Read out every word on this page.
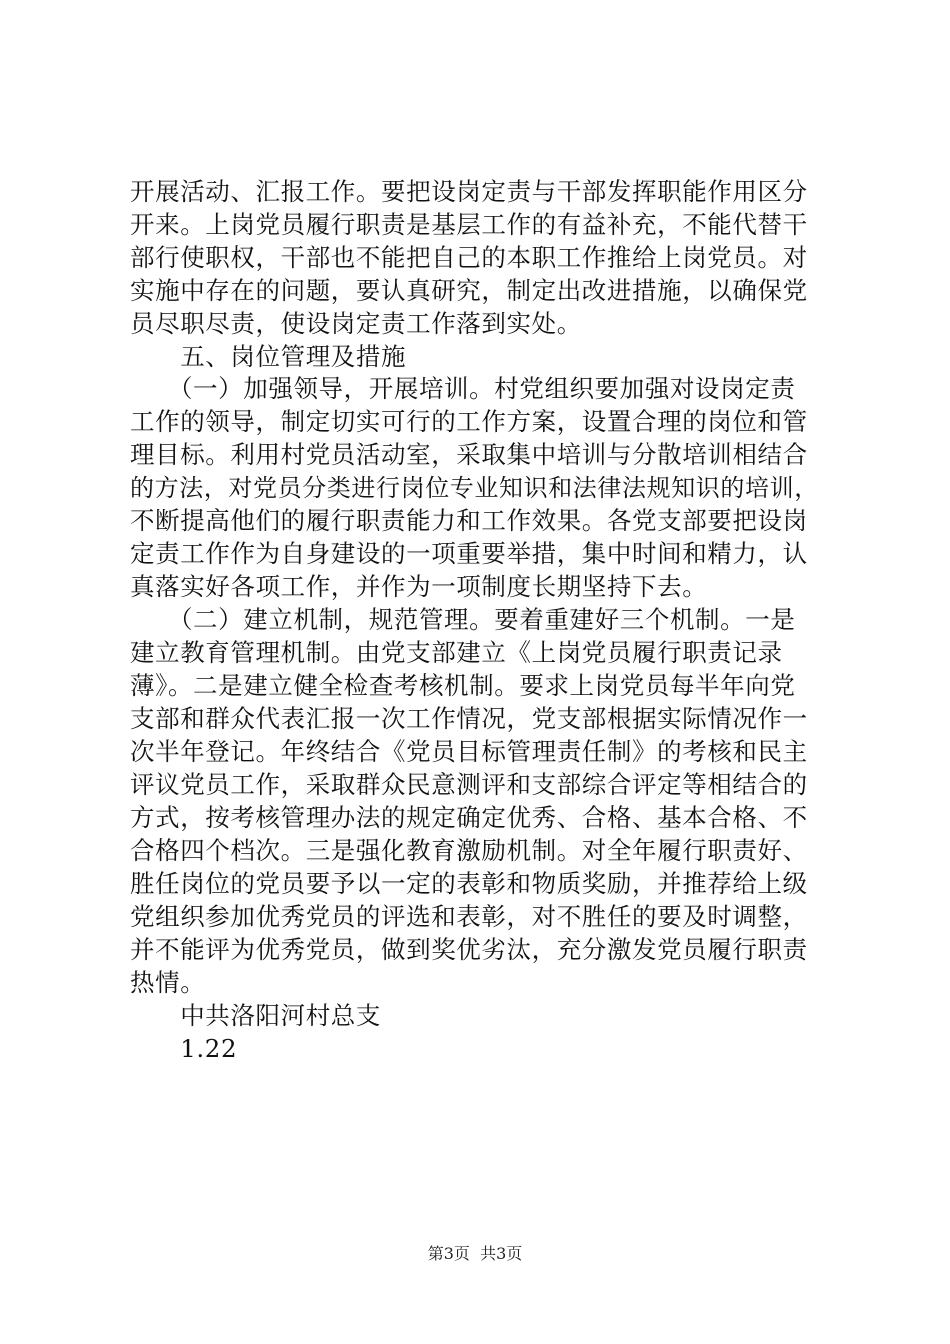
开展活动、汇报工作。要把设岗定责与干部发挥职能作用区分
开来。上岗党员履行职责是基层工作的有益补充，不能代替干
部行使职权，干部也不能把自己的本职工作推给上岗党员。对
实施中存在的问题，要认真研究，制定出改进措施，以确保党
员尽职尽责，使设岗定责工作落到实处。
　　五、岗位管理及措施
　　（一）加强领导，开展培训。村党组织要加强对设岗定责
工作的领导，制定切实可行的工作方案，设置合理的岗位和管
理目标。利用村党员活动室，采取集中培训与分散培训相结合
的方法，对党员分类进行岗位专业知识和法律法规知识的培训，
不断提高他们的履行职责能力和工作效果。各党支部要把设岗
定责工作作为自身建设的一项重要举措，集中时间和精力，认
真落实好各项工作，并作为一项制度长期坚持下去。
　　（二）建立机制，规范管理。要着重建好三个机制。一是
建立教育管理机制。由党支部建立《上岗党员履行职责记录
薄》。二是建立健全检查考核机制。要求上岗党员每半年向党
支部和群众代表汇报一次工作情况，党支部根据实际情况作一
次半年登记。年终结合《党员目标管理责任制》的考核和民主
评议党员工作，采取群众民意测评和支部综合评定等相结合的
方式，按考核管理办法的规定确定优秀、合格、基本合格、不
合格四个档次。三是强化教育激励机制。对全年履行职责好、
胜任岗位的党员要予以一定的表彰和物质奖励，并推荐给上级
党组织参加优秀党员的评选和表彰，对不胜任的要及时调整，
并不能评为优秀党员，做到奖优劣汰，充分激发党员履行职责
热情。
　　中共洛阳河村总支
　　1.22
第3页  共3页
